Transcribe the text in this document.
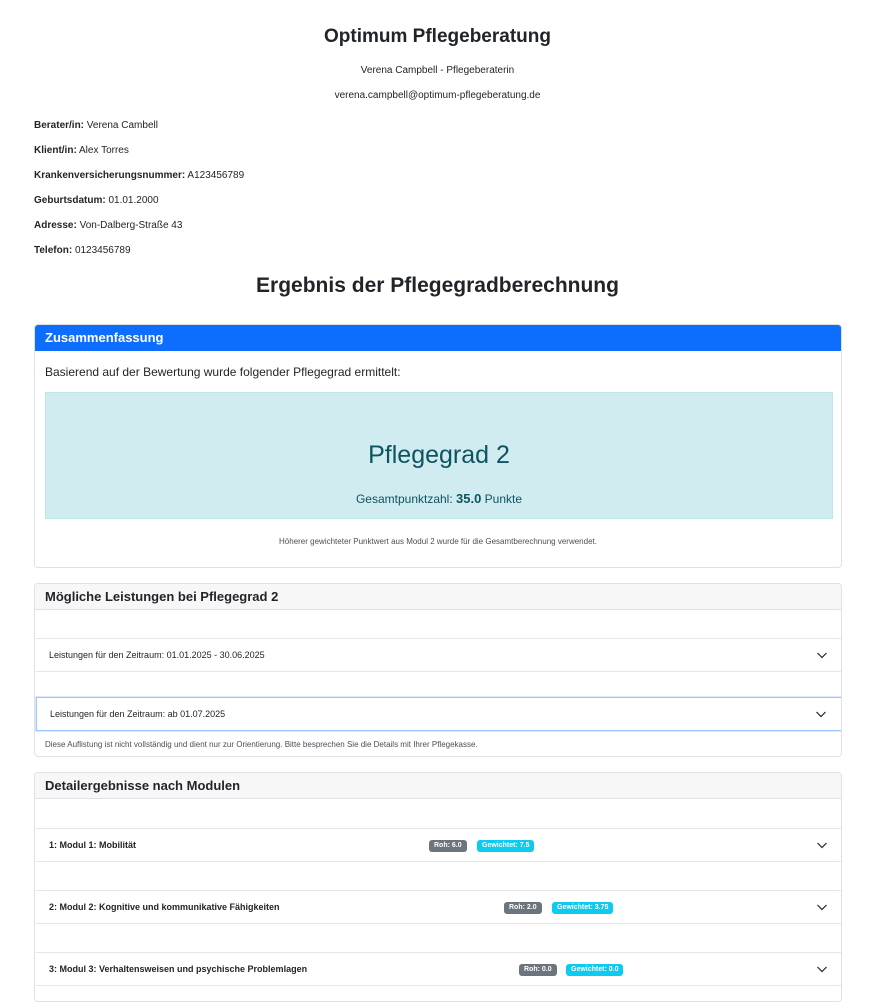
Optimum Pflegeberatung
Verena Campbell - Pflegeberaterin
verena.campbell@optimum-pflegeberatung.de
Berater/in: Verena Cambell
Klient/in: Alex Torres
Krankenversicherungsnummer: A123456789
Geburtsdatum: 01.01.2000
Adresse: Von-Dalberg-Straße 43
Telefon: 0123456789
Ergebnis der Pflegegradberechnung
Zusammenfassung
Basierend auf der Bewertung wurde folgender Pflegegrad ermittelt:
Pflegegrad 2
Gesamtpunktzahl: 35.0 Punkte
Höherer gewichteter Punktwert aus Modul 2 wurde für die Gesamtberechnung verwendet.
Mögliche Leistungen bei Pflegegrad 2
Leistungen für den Zeitraum: 01.01.2025 - 30.06.2025
Leistungen für den Zeitraum: ab 01.07.2025
Diese Auflistung ist nicht vollständig und dient nur zur Orientierung. Bitte besprechen Sie die Details mit Ihrer Pflegekasse.
Detailergebnisse nach Modulen
1: Modul 1: Mobilität	Roh: 6.0	Gewichtet: 7.5
2: Modul 2: Kognitive und kommunikative Fähigkeiten	Roh: 2.0	Gewichtet: 3.75
3: Modul 3: Verhaltensweisen und psychische Problemlagen	Roh: 0.0	Gewichtet: 0.0
